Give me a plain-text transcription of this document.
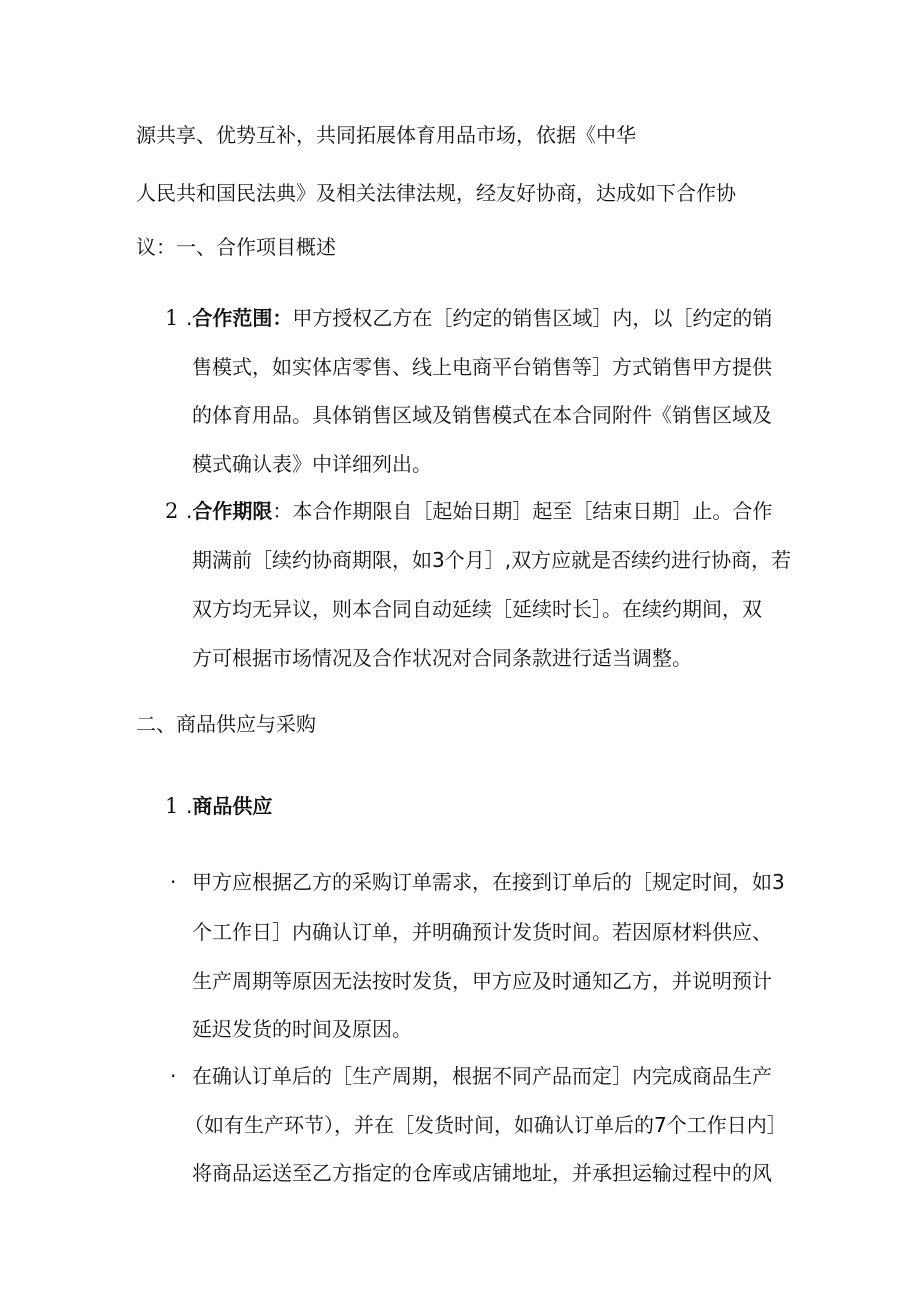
源共享、优势互补，共同拓展体育用品市场，依据《中华
人民共和国民法典》及相关法律法规，经友好协商，达成如下合作协
议：一、合作项目概述
1 .合作范围：甲方授权乙方在［约定的销售区域］内，以［约定的销
售模式，如实体店零售、线上电商平台销售等］方式销售甲方提供
的体育用品。具体销售区域及销售模式在本合同附件《销售区域及
模式确认表》中详细列出。
2 .合作期限：本合作期限自［起始日期］起至［结束日期］止。合作
期满前［续约协商期限，如3个月］,双方应就是否续约进行协商，若
双方均无异议，则本合同自动延续［延续时长］。在续约期间，双
方可根据市场情况及合作状况对合同条款进行适当调整。
二、商品供应与采购
1 .商品供应
· 甲方应根据乙方的采购订单需求，在接到订单后的［规定时间，如3
个工作日］内确认订单，并明确预计发货时间。若因原材料供应、
生产周期等原因无法按时发货，甲方应及时通知乙方，并说明预计
延迟发货的时间及原因。
· 在确认订单后的［生产周期，根据不同产品而定］内完成商品生产
（如有生产环节），并在［发货时间，如确认订单后的7个工作日内］
将商品运送至乙方指定的仓库或店铺地址，并承担运输过程中的风
